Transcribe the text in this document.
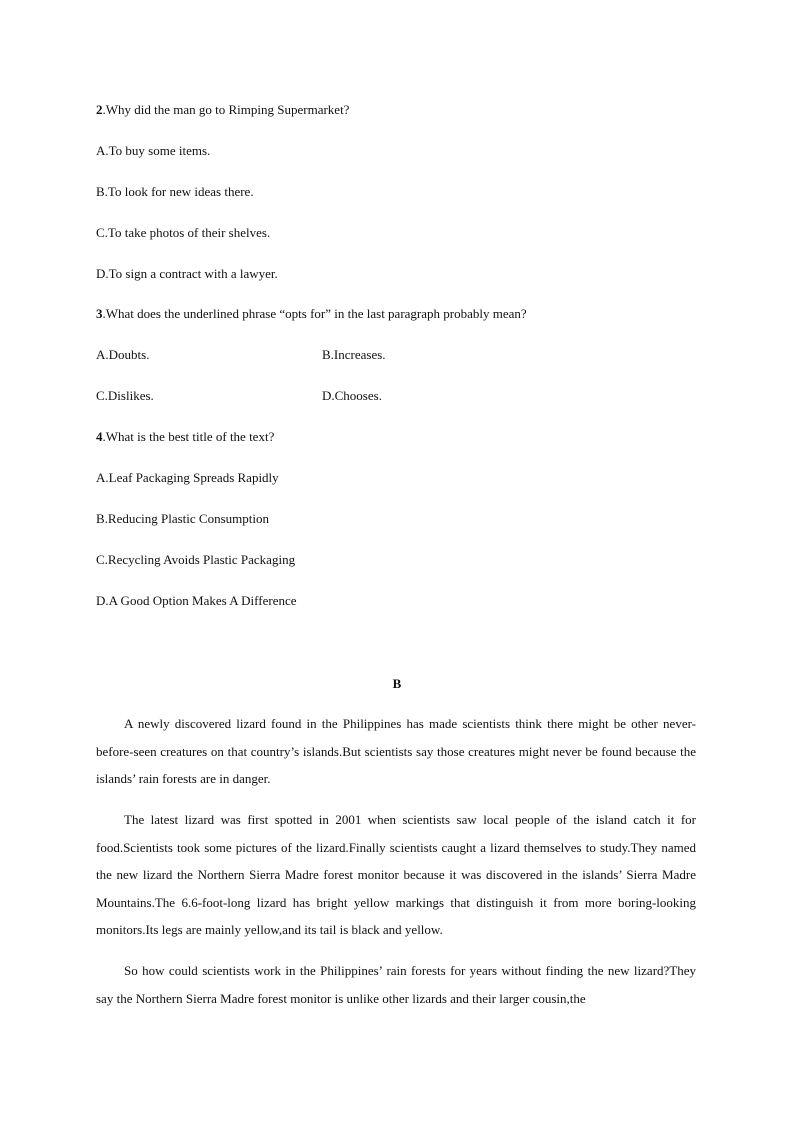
2.Why did the man go to Rimping Supermarket?
A.To buy some items.
B.To look for new ideas there.
C.To take photos of their shelves.
D.To sign a contract with a lawyer.
3.What does the underlined phrase “opts for” in the last paragraph probably mean?
A.Doubts.	B.Increases.
C.Dislikes.	D.Chooses.
4.What is the best title of the text?
A.Leaf Packaging Spreads Rapidly
B.Reducing Plastic Consumption
C.Recycling Avoids Plastic Packaging
D.A Good Option Makes A Difference
B
A newly discovered lizard found in the Philippines has made scientists think there might be other never-before-seen creatures on that country’s islands.But scientists say those creatures might never be found because the islands’ rain forests are in danger.
The latest lizard was first spotted in 2001 when scientists saw local people of the island catch it for food.Scientists took some pictures of the lizard.Finally scientists caught a lizard themselves to study.They named the new lizard the Northern Sierra Madre forest monitor because it was discovered in the islands’ Sierra Madre Mountains.The 6.6-foot-long lizard has bright yellow markings that distinguish it from more boring-looking monitors.Its legs are mainly yellow,and its tail is black and yellow.
So how could scientists work in the Philippines’ rain forests for years without finding the new lizard?They say the Northern Sierra Madre forest monitor is unlike other lizards and their larger cousin,the
